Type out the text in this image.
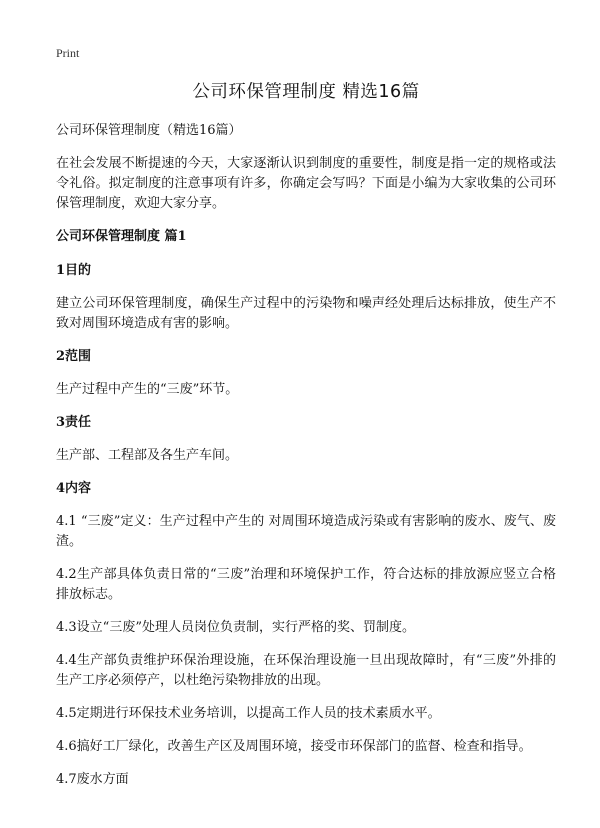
Print
公司环保管理制度 精选16篇
公司环保管理制度（精选16篇）

在社会发展不断提速的今天，大家逐渐认识到制度的重要性，制度是指一定的规格或法令礼俗。拟定制度的注意事项有许多，你确定会写吗？下面是小编为大家收集的公司环保管理制度，欢迎大家分享。

公司环保管理制度 篇1
1目的

建立公司环保管理制度，确保生产过程中的污染物和噪声经处理后达标排放，使生产不致对周围环境造成有害的影响。

2范围

生产过程中产生的“三废”环节。

3责任

生产部、工程部及各生产车间。

4内容

4.1 “三废”定义：生产过程中产生的 对周围环境造成污染或有害影响的废水、废气、废渣。

4.2生产部具体负责日常的“三废”治理和环境保护工作，符合达标的排放源应竖立合格排放标志。

4.3设立“三废”处理人员岗位负责制，实行严格的奖、罚制度。

4.4生产部负责维护环保治理设施，在环保治理设施一旦出现故障时，有“三废”外排的生产工序必须停产，以杜绝污染物排放的出现。

4.5定期进行环保技术业务培训，以提高工作人员的技术素质水平。

4.6搞好工厂绿化，改善生产区及周围环境，接受市环保部门的监督、检查和指导。

4.7废水方面
